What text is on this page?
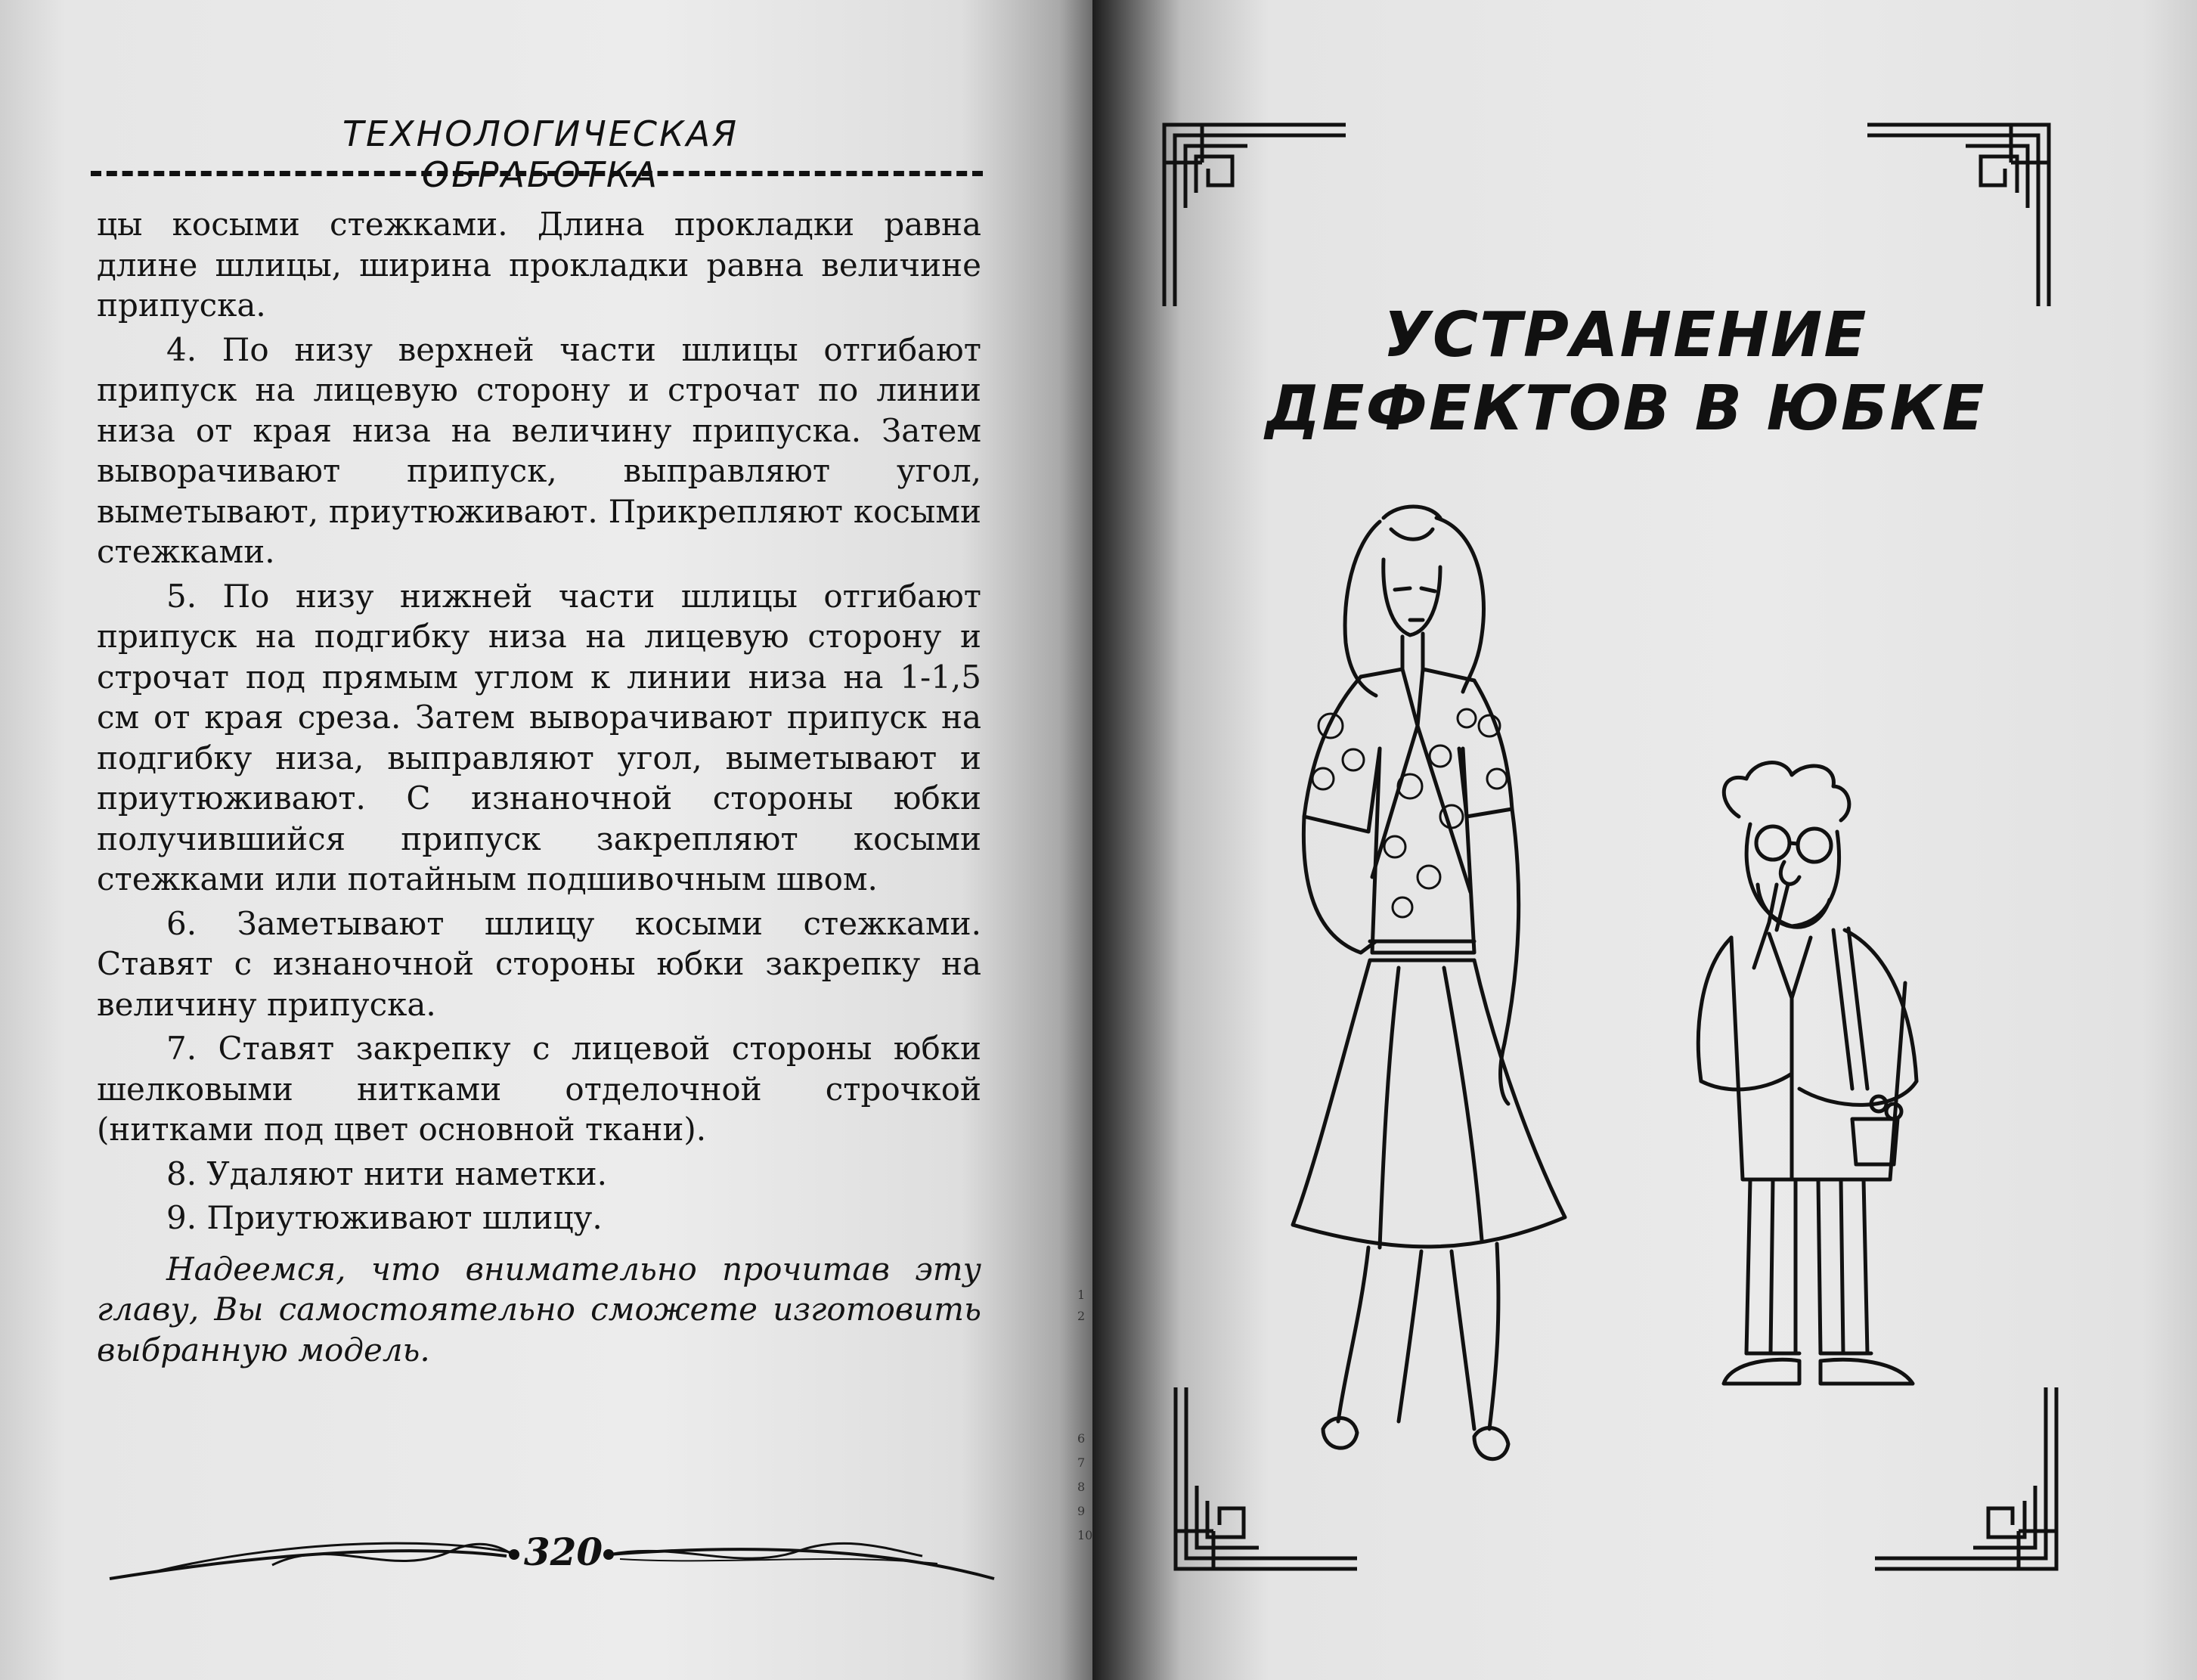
ТЕХНОЛОГИЧЕСКАЯ ОБРАБОТКА

цы косыми стежками. Длина прокладки равна длине шлицы, ширина прокладки равна величине припуска.

4. По низу верхней части шлицы отгибают припуск на лицевую сторону и строчат по линии низа от края низа на величину припуска. Затем выворачивают припуск, выправляют угол, выметывают, приутюживают. Прикрепляют косыми стежками.

5. По низу нижней части шлицы отгибают припуск на подгибку низа на лицевую сторону и строчат под прямым углом к линии низа на 1-1,5 см от края среза. Затем выворачивают припуск на подгибку низа, выправляют угол, выметывают и приутюживают. С изнаночной стороны юбки получившийся припуск закрепляют косыми стежками или потайным подшивочным швом.

6. Заметывают шлицу косыми стежками. Ставят с изнаночной стороны юбки закрепку на величину припуска.

7. Ставят закрепку с лицевой стороны юбки шелковыми нитками отделочной строчкой (нитками под цвет основной ткани).

8. Удаляют нити наметки.

9. Приутюживают шлицу.

Надеемся, что внимательно прочитав эту главу, Вы самостоятельно сможете изготовить выбранную модель.

320
1
2
6
7
8
9
10
УСТРАНЕНИЕ
ДЕФЕКТОВ В ЮБКЕ
